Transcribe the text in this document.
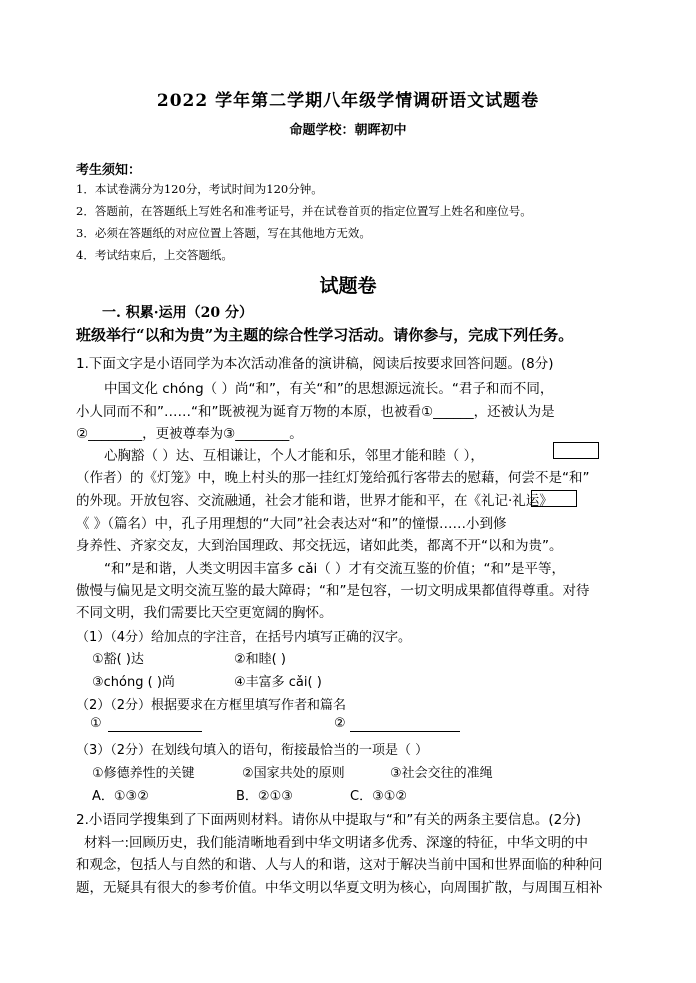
2022 学年第二学期八年级学情调研语文试题卷
命题学校：朝晖初中
考生须知：
1．本试卷满分为120分，考试时间为120分钟。
2．答题前，在答题纸上写姓名和准考证号，并在试卷首页的指定位置写上姓名和座位号。
3．必须在答题纸的对应位置上答题，写在其他地方无效。
4．考试结束后，上交答题纸。
试题卷
一. 积累·运用（20 分）
班级举行“以和为贵”为主题的综合性学习活动。请你参与，完成下列任务。
1.下面文字是小语同学为本次活动准备的演讲稿，阅读后按要求回答问题。(8分)
中国文化 chóng（ ）尚“和”，有关“和”的思想源远流长。“君子和而不同，
小人同而不和”……“和”既被视为诞育万物的本原，也被看①______，还被认为是
②________，更被尊奉为③________。
心胸豁（ ）达、互相谦让，个人才能和乐，邻里才能和睦（ ），
（作者）的《灯笼》中，晚上村头的那一挂红灯笼给孤行客带去的慰藉，何尝不是“和”
的外现。开放包容、交流融通，社会才能和谐，世界才能和平，在《礼记·礼运》
《 》（篇名）中，孔子用理想的“大同”社会表达对“和”的憧憬……小到修
身养性、齐家交友，大到治国理政、邦交抚远，诸如此类，都离不开“以和为贵”。
“和”是和谐，人类文明因丰富多 cǎi（ ）才有交流互鉴的价值；“和”是平等，
傲慢与偏见是文明交流互鉴的最大障碍；“和”是包容，一切文明成果都值得尊重。对待
不同文明，我们需要比天空更宽阔的胸怀。
（1）（4分）给加点的字注音，在括号内填写正确的汉字。
①豁( )达	②和睦( )
③chóng ( )尚	④丰富多 cǎi( )
（2）（2分）根据要求在方框里填写作者和篇名
①	②
（3）（2分）在划线句填入的语句，衔接最恰当的一项是（ ）
①修德养性的关键	②国家共处的原则	③社会交往的准绳
A．①③②	B．②①③	C．③①②
2.小语同学搜集到了下面两则材料。请你从中提取与“和”有关的两条主要信息。(2分)
材料一:回顾历史，我们能清晰地看到中华文明诸多优秀、深邃的特征，中华文明的中
和观念，包括人与自然的和谐、人与人的和谐，这对于解决当前中国和世界面临的种种问
题，无疑具有很大的参考价值。中华文明以华夏文明为核心，向周围扩散，与周围互相补
